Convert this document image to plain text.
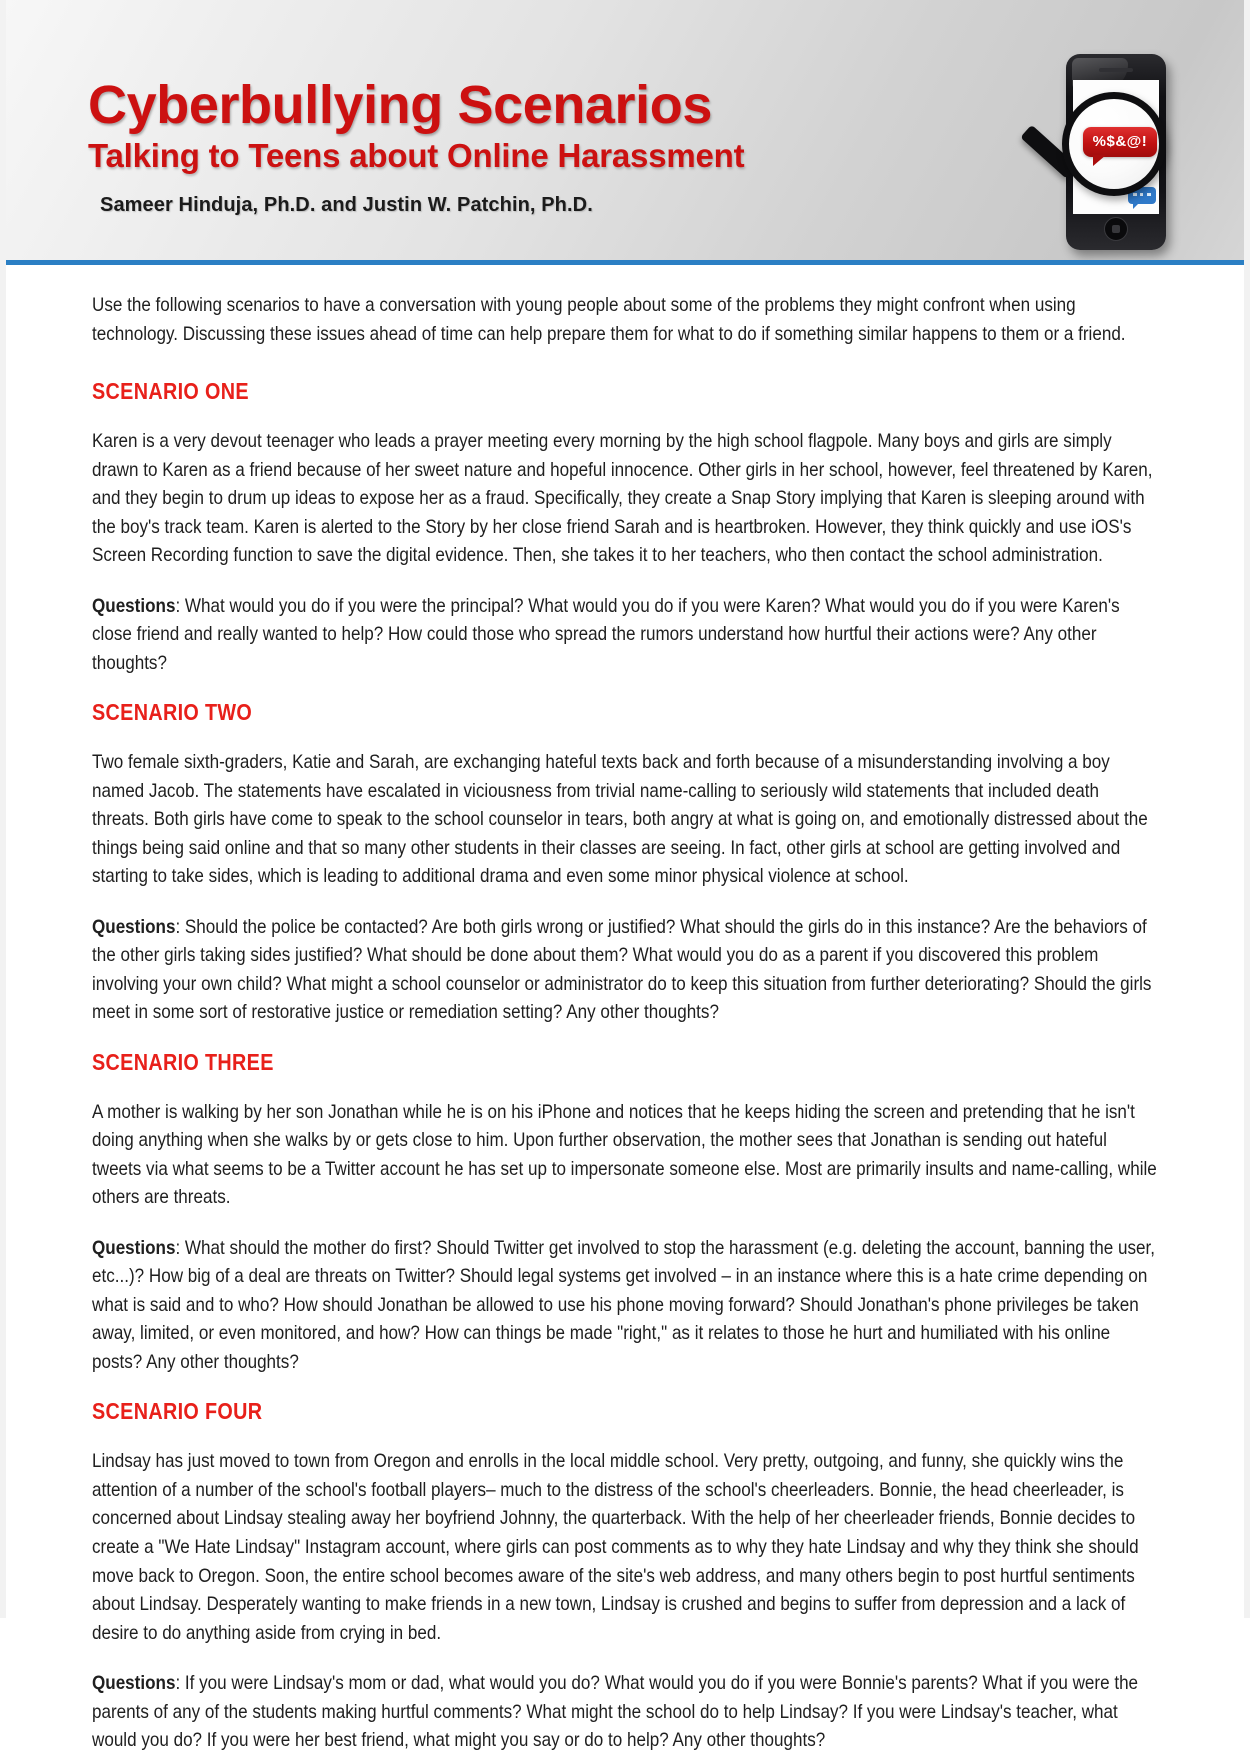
Cyberbullying Scenarios
Talking to Teens about Online Harassment
Sameer Hinduja, Ph.D. and Justin W. Patchin, Ph.D.
%$&@!

Use the following scenarios to have a conversation with young people about some of the problems they might confront when using technology. Discussing these issues ahead of time can help prepare them for what to do if something similar happens to them or a friend.

SCENARIO ONE

Karen is a very devout teenager who leads a prayer meeting every morning by the high school flagpole. Many boys and girls are simply drawn to Karen as a friend because of her sweet nature and hopeful innocence. Other girls in her school, however, feel threatened by Karen, and they begin to drum up ideas to expose her as a fraud. Specifically, they create a Snap Story implying that Karen is sleeping around with the boy's track team. Karen is alerted to the Story by her close friend Sarah and is heartbroken. However, they think quickly and use iOS's Screen Recording function to save the digital evidence. Then, she takes it to her teachers, who then contact the school administration.

Questions: What would you do if you were the principal? What would you do if you were Karen? What would you do if you were Karen's close friend and really wanted to help? How could those who spread the rumors understand how hurtful their actions were? Any other thoughts?

SCENARIO TWO

Two female sixth-graders, Katie and Sarah, are exchanging hateful texts back and forth because of a misunderstanding involving a boy named Jacob. The statements have escalated in viciousness from trivial name-calling to seriously wild statements that included death threats. Both girls have come to speak to the school counselor in tears, both angry at what is going on, and emotionally distressed about the things being said online and that so many other students in their classes are seeing. In fact, other girls at school are getting involved and starting to take sides, which is leading to additional drama and even some minor physical violence at school.

Questions: Should the police be contacted? Are both girls wrong or justified? What should the girls do in this instance? Are the behaviors of the other girls taking sides justified? What should be done about them? What would you do as a parent if you discovered this problem involving your own child? What might a school counselor or administrator do to keep this situation from further deteriorating? Should the girls meet in some sort of restorative justice or remediation setting? Any other thoughts?

SCENARIO THREE

A mother is walking by her son Jonathan while he is on his iPhone and notices that he keeps hiding the screen and pretending that he isn't doing anything when she walks by or gets close to him. Upon further observation, the mother sees that Jonathan is sending out hateful tweets via what seems to be a Twitter account he has set up to impersonate someone else. Most are primarily insults and name-calling, while others are threats.

Questions: What should the mother do first? Should Twitter get involved to stop the harassment (e.g. deleting the account, banning the user, etc...)? How big of a deal are threats on Twitter? Should legal systems get involved – in an instance where this is a hate crime depending on what is said and to who? How should Jonathan be allowed to use his phone moving forward? Should Jonathan's phone privileges be taken away, limited, or even monitored, and how? How can things be made "right," as it relates to those he hurt and humiliated with his online posts? Any other thoughts?

SCENARIO FOUR

Lindsay has just moved to town from Oregon and enrolls in the local middle school. Very pretty, outgoing, and funny, she quickly wins the attention of a number of the school's football players– much to the distress of the school's cheerleaders. Bonnie, the head cheerleader, is concerned about Lindsay stealing away her boyfriend Johnny, the quarterback. With the help of her cheerleader friends, Bonnie decides to create a "We Hate Lindsay" Instagram account, where girls can post comments as to why they hate Lindsay and why they think she should move back to Oregon. Soon, the entire school becomes aware of the site's web address, and many others begin to post hurtful sentiments about Lindsay. Desperately wanting to make friends in a new town, Lindsay is crushed and begins to suffer from depression and a lack of desire to do anything aside from crying in bed.

Questions: If you were Lindsay's mom or dad, what would you do? What would you do if you were Bonnie's parents? What if you were the parents of any of the students making hurtful comments? What might the school do to help Lindsay? If you were Lindsay's teacher, what would you do? If you were her best friend, what might you say or do to help? Any other thoughts?
